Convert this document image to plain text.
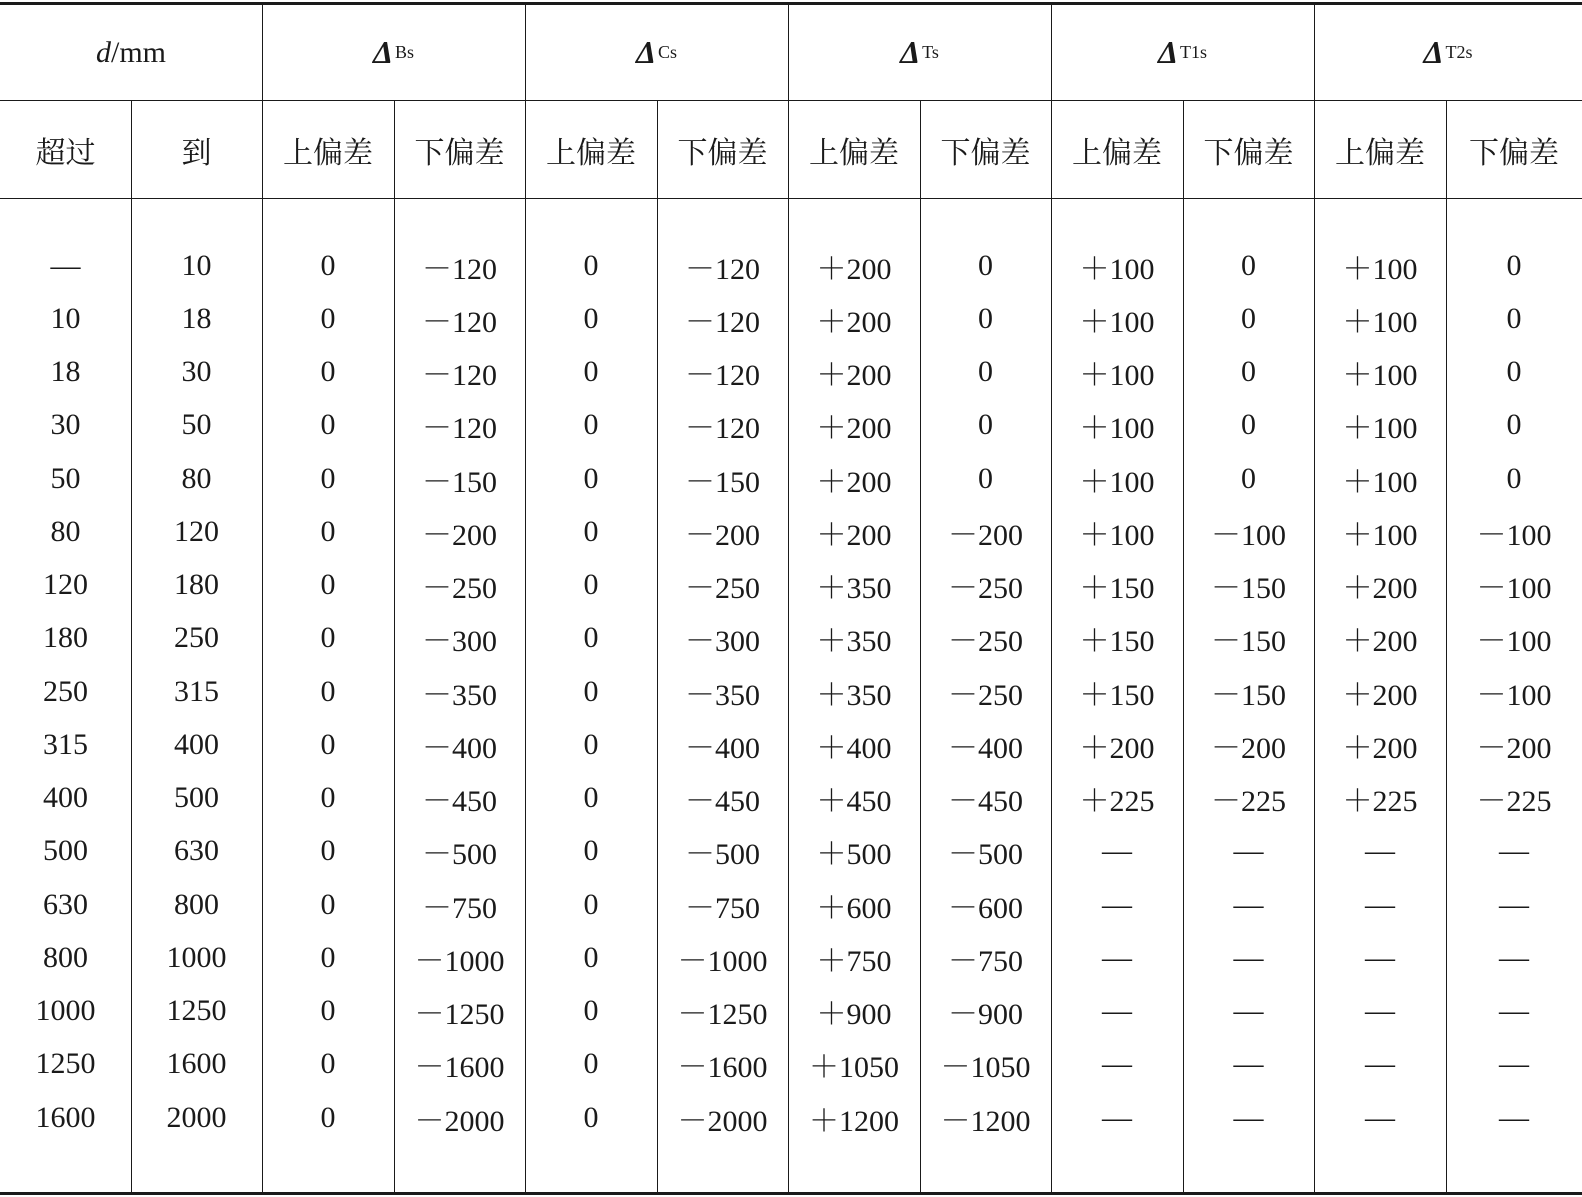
d /mm	Δ Bs	Δ Cs	Δ Ts	Δ T1s	Δ T2s
超过	到	上偏差	下偏差	上偏差	下偏差	上偏差	下偏差	上偏差	下偏差	上偏差	下偏差
—	10	0	－120	0	－120	＋200	0	＋100	0	＋100	0
10	18	0	－120	0	－120	＋200	0	＋100	0	＋100	0
18	30	0	－120	0	－120	＋200	0	＋100	0	＋100	0
30	50	0	－120	0	－120	＋200	0	＋100	0	＋100	0
50	80	0	－150	0	－150	＋200	0	＋100	0	＋100	0
80	120	0	－200	0	－200	＋200	－200	＋100	－100	＋100	－100
120	180	0	－250	0	－250	＋350	－250	＋150	－150	＋200	－100
180	250	0	－300	0	－300	＋350	－250	＋150	－150	＋200	－100
250	315	0	－350	0	－350	＋350	－250	＋150	－150	＋200	－100
315	400	0	－400	0	－400	＋400	－400	＋200	－200	＋200	－200
400	500	0	－450	0	－450	＋450	－450	＋225	－225	＋225	－225
500	630	0	－500	0	－500	＋500	－500	—	—	—	—
630	800	0	－750	0	－750	＋600	－600	—	—	—	—
800	1000	0	－1000	0	－1000	＋750	－750	—	—	—	—
1000	1250	0	－1250	0	－1250	＋900	－900	—	—	—	—
1250	1600	0	－1600	0	－1600	＋1050	－1050	—	—	—	—
1600	2000	0	－2000	0	－2000	＋1200	－1200	—	—	—	—
